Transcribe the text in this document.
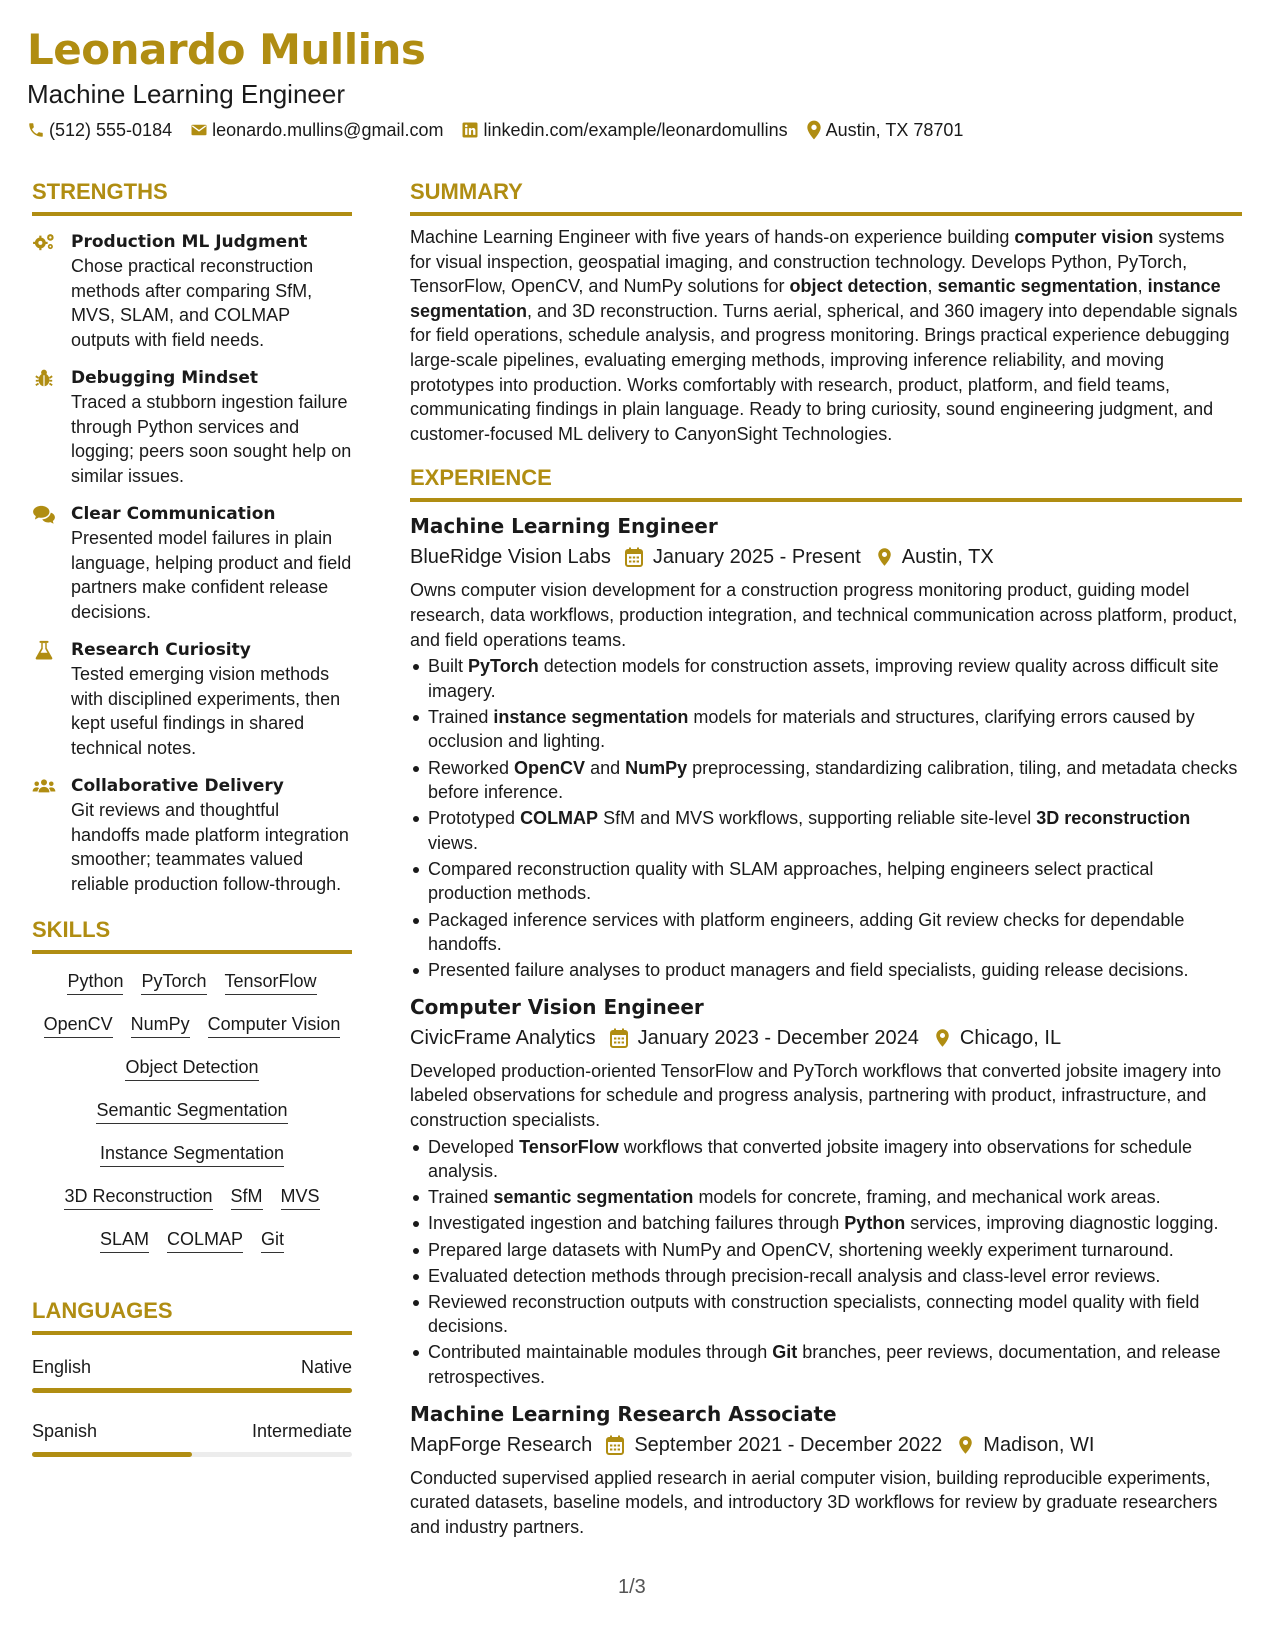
Leonardo Mullins
Machine Learning Engineer
(512) 555-0184 leonardo.mullins@gmail.com linkedin.com/example/leonardomullins Austin, TX 78701
STRENGTHS
Production ML Judgment

Chose practical reconstruction methods after comparing SfM, MVS, SLAM, and COLMAP outputs with field needs.

Debugging Mindset

Traced a stubborn ingestion failure through Python services and logging; peers soon sought help on similar issues.

Clear Communication

Presented model failures in plain language, helping product and field partners make confident release decisions.

Research Curiosity

Tested emerging vision methods with disciplined experiments, then kept useful findings in shared technical notes.

Collaborative Delivery

Git reviews and thoughtful handoffs made platform integration smoother; teammates valued reliable production follow-through.

SKILLS
Python PyTorch TensorFlow
OpenCV NumPy Computer Vision
Object Detection
Semantic Segmentation
Instance Segmentation
3D Reconstruction SfM MVS
SLAM COLMAP Git
LANGUAGES
English	Native
Spanish	Intermediate
SUMMARY

Machine Learning Engineer with five years of hands-on experience building computer vision systems for visual inspection, geospatial imaging, and construction technology. Develops Python, PyTorch, TensorFlow, OpenCV, and NumPy solutions for object detection, semantic segmentation, instance segmentation, and 3D reconstruction. Turns aerial, spherical, and 360 imagery into dependable signals for field operations, schedule analysis, and progress monitoring. Brings practical experience debugging large-scale pipelines, evaluating emerging methods, improving inference reliability, and moving prototypes into production. Works comfortably with research, product, platform, and field teams, communicating findings in plain language. Ready to bring curiosity, sound engineering judgment, and customer-focused ML delivery to CanyonSight Technologies.

EXPERIENCE
Machine Learning Engineer
BlueRidge Vision Labs January 2025 - Present Austin, TX

Owns computer vision development for a construction progress monitoring product, guiding model research, data workflows, production integration, and technical communication across platform, product, and field operations teams.

Built PyTorch detection models for construction assets, improving review quality across difficult site imagery.
Trained instance segmentation models for materials and structures, clarifying errors caused by occlusion and lighting.
Reworked OpenCV and NumPy preprocessing, standardizing calibration, tiling, and metadata checks before inference.
Prototyped COLMAP SfM and MVS workflows, supporting reliable site-level 3D reconstruction views.
Compared reconstruction quality with SLAM approaches, helping engineers select practical production methods.
Packaged inference services with platform engineers, adding Git review checks for dependable handoffs.
Presented failure analyses to product managers and field specialists, guiding release decisions.
Computer Vision Engineer
CivicFrame Analytics January 2023 - December 2024 Chicago, IL

Developed production-oriented TensorFlow and PyTorch workflows that converted jobsite imagery into labeled observations for schedule and progress analysis, partnering with product, infrastructure, and construction specialists.

Developed TensorFlow workflows that converted jobsite imagery into observations for schedule analysis.
Trained semantic segmentation models for concrete, framing, and mechanical work areas.
Investigated ingestion and batching failures through Python services, improving diagnostic logging.
Prepared large datasets with NumPy and OpenCV, shortening weekly experiment turnaround.
Evaluated detection methods through precision-recall analysis and class-level error reviews.
Reviewed reconstruction outputs with construction specialists, connecting model quality with field decisions.
Contributed maintainable modules through Git branches, peer reviews, documentation, and release retrospectives.
Machine Learning Research Associate
MapForge Research September 2021 - December 2022 Madison, WI

Conducted supervised applied research in aerial computer vision, building reproducible experiments, curated datasets, baseline models, and introductory 3D workflows for review by graduate researchers and industry partners.

1/3
